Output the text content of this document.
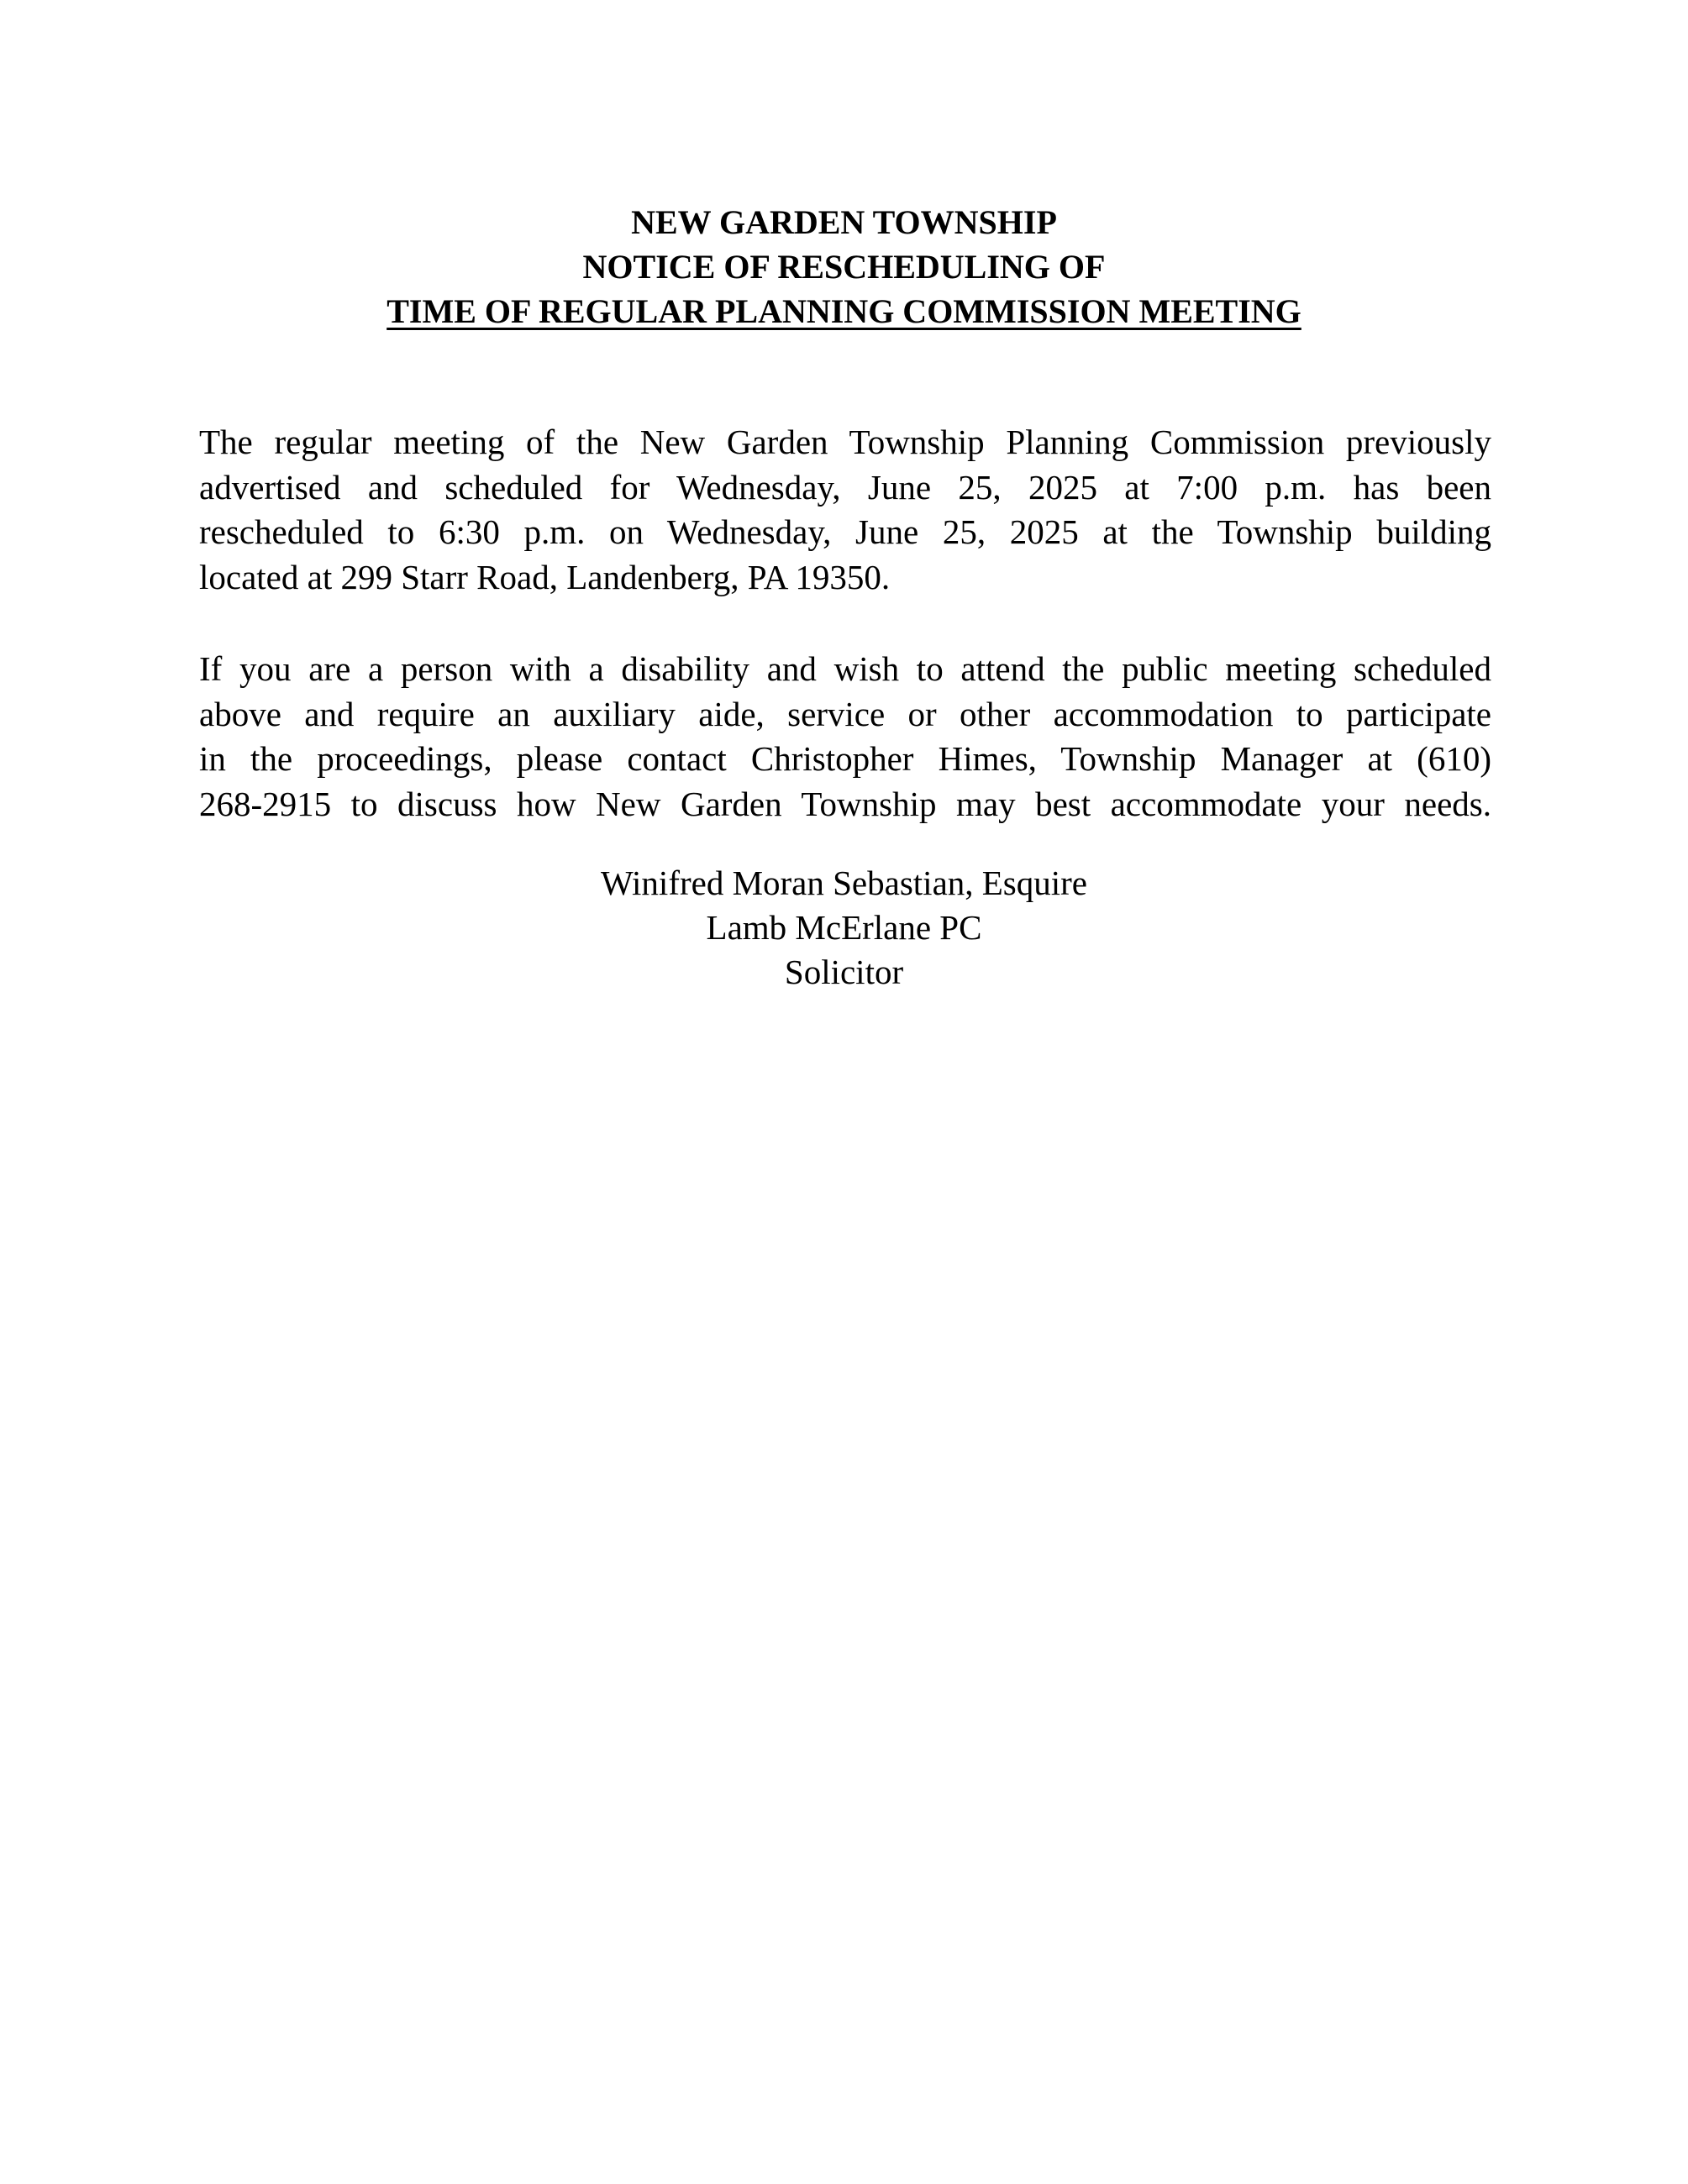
NEW GARDEN TOWNSHIP
NOTICE OF RESCHEDULING OF
TIME OF REGULAR PLANNING COMMISSION MEETING
The regular meeting of the New Garden Township Planning Commission previously
advertised and scheduled for Wednesday, June 25, 2025 at 7:00 p.m. has been
rescheduled to 6:30 p.m. on Wednesday, June 25, 2025 at the Township building
located at 299 Starr Road, Landenberg, PA 19350.
If you are a person with a disability and wish to attend the public meeting scheduled
above and require an auxiliary aide, service or other accommodation to participate
in the proceedings, please contact Christopher Himes, Township Manager at (610)
268-2915 to discuss how New Garden Township may best accommodate your needs.
Winifred Moran Sebastian, Esquire
Lamb McErlane PC
Solicitor
